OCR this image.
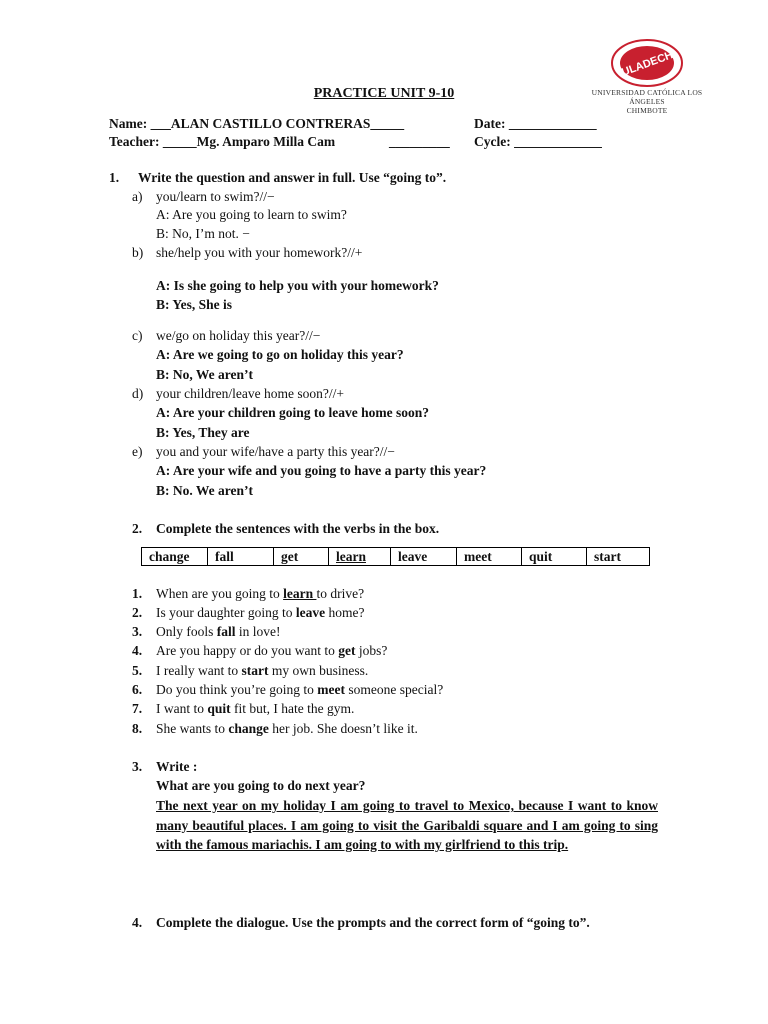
ULADECH
UNIVERSIDAD CATÓLICA LOS ÁNGELES
CHIMBOTE
PRACTICE UNIT 9-10
Name: ___ALAN CASTILLO CONTRERAS_____	Date: _____________
Teacher: _____Mg. Amparo Milla Cam	_________ Cycle: _____________
1. Write the question and answer in full. Use “going to”.
a) you/learn to swim?//−
A: Are you going to learn to swim?
B: No, I’m not. −
b) she/help you with your homework?//+
A: Is she going to help you with your homework?
B: Yes, She is
c) we/go on holiday this year?//−
A: Are we going to go on holiday this year?
B: No, We aren’t
d) your children/leave home soon?//+
A: Are your children going to leave home soon?
B: Yes, They are
e) you and your wife/have a party this year?//−
A: Are your wife and you going to have a party this year?
B: No. We aren’t
2. Complete the sentences with the verbs in the box.
change	fall	get	learn	leave	meet	quit	start
1. When are you going to learn to drive?
2. Is your daughter going to leave home?
3. Only fools fall in love!
4. Are you happy or do you want to get jobs?
5. I really want to start my own business.
6. Do you think you’re going to meet someone special?
7. I want to quit fit but, I hate the gym.
8. She wants to change her job. She doesn’t like it.
3. Write :
What are you going to do next year?
The next year on my holiday I am going to travel to Mexico, because I want to know many beautiful places. I am going to visit the Garibaldi square and I am going to sing with the famous mariachis. I am going to with my girlfriend to this trip.
4. Complete the dialogue. Use the prompts and the correct form of “going to”.
